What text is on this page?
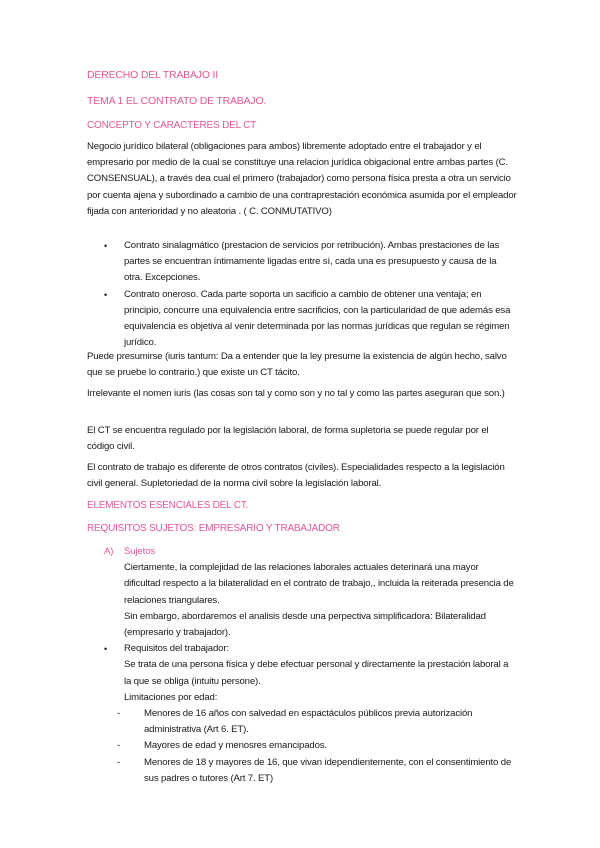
DERECHO DEL TRABAJO II
TEMA 1 EL CONTRATO DE TRABAJO.
CONCEPTO Y CARACTERES DEL CT

Negocio jurídico bilateral (obligaciones para ambos) libremente adoptado entre el trabajador y el empresario por medio de la cual se constituye una relacion jurídica obigacional entre ambas partes (C. CONSENSUAL), a través dea cual el primero (trabajador) como persona física presta a otra un servicio por cuenta ajena y subordinado a cambio de una contraprestación económica asumida por el empleador fijada con anterioridad y no aleatoria . ( C. CONMUTATIVO)

• Contrato sinalagmático (prestacion de servicios por retribución). Ambas prestaciones de las partes se encuentran íntimamente ligadas entre sí, cada una es presupuesto y causa de la otra. Excepciones.
• Contrato oneroso. Cada parte soporta un sacificio a cambio de obtener una ventaja; en principio, concurre una equivalencia entre sacrificios, con la particularidad de que además esa equivalencia es objetiva al venir determinada por las normas jurídicas que regulan se régimen jurídico.

Puede presumirse (iuris tantum: Da a entender que la ley presume la existencia de algún hecho, salvo que se pruebe lo contrario.) que existe un CT tácito.

Irrelevante el nomen iuris (las cosas son tal y como son y no tal y como las partes aseguran que son.)

El CT se encuentra regulado por la legislación laboral, de forma supletoria se puede regular por el código civil.

El contrato de trabajo es diferente de otros contratos (civiles). Especialidades respecto a la legislación civil general. Supletoriedad de la norma civil sobre la legislación laboral.

ELEMENTOS ESENCIALES DEL CT.
REQUISITOS SUJETOS: EMPRESARIO Y TRABAJADOR
A) Sujetos
Ciertamente, la complejidad de las relaciones laborales actuales deterinará una mayor dificultad respecto a la bilateralidad en el contrato de trabajo,, incluida la reiterada presencia de relaciones triangulares.
Sin embargo, abordaremos el analisis desde una perpectiva simplificadora: Bilateralidad (empresario y trabajador).
• Requisitos del trabajador:
Se trata de una persona física y debe efectuar personal y directamente la prestación laboral a la que se obliga (intuitu persone).
Limitaciones por edad:
- Menores de 16 años con salvedad en espactáculos públicos previa autorización administrativa (Art 6. ET).
- Mayores de edad y menosres emancipados.
- Menores de 18 y mayores de 16, que vivan idependientemente, con el consentimiento de sus padres o tutores (Art 7. ET)
